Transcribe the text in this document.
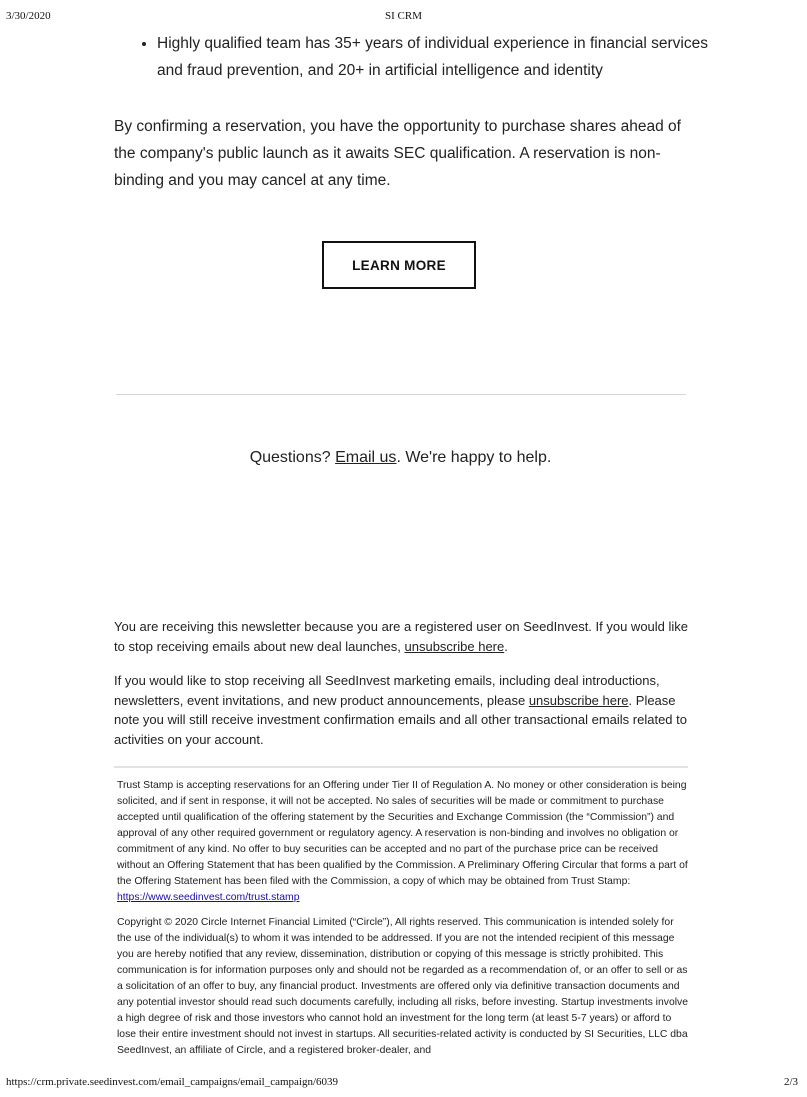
3/30/2020	SI CRM
• Highly qualified team has 35+ years of individual experience in financial services and fraud prevention, and 20+ in artificial intelligence and identity

By confirming a reservation, you have the opportunity to purchase shares ahead of the company's public launch as it awaits SEC qualification. A reservation is non-binding and you may cancel at any time.

LEARN MORE

Questions? Email us. We're happy to help.

You are receiving this newsletter because you are a registered user on SeedInvest. If you would like to stop receiving emails about new deal launches, unsubscribe here.

If you would like to stop receiving all SeedInvest marketing emails, including deal introductions, newsletters, event invitations, and new product announcements, please unsubscribe here. Please note you will still receive investment confirmation emails and all other transactional emails related to activities on your account.

Trust Stamp is accepting reservations for an Offering under Tier II of Regulation A. No money or other consideration is being solicited, and if sent in response, it will not be accepted. No sales of securities will be made or commitment to purchase accepted until qualification of the offering statement by the Securities and Exchange Commission (the “Commission”) and approval of any other required government or regulatory agency. A reservation is non-binding and involves no obligation or commitment of any kind. No offer to buy securities can be accepted and no part of the purchase price can be received without an Offering Statement that has been qualified by the Commission. A Preliminary Offering Circular that forms a part of the Offering Statement has been filed with the Commission, a copy of which may be obtained from Trust Stamp: https://www.seedinvest.com/trust.stamp

Copyright © 2020 Circle Internet Financial Limited (“Circle”), All rights reserved. This communication is intended solely for the use of the individual(s) to whom it was intended to be addressed. If you are not the intended recipient of this message you are hereby notified that any review, dissemination, distribution or copying of this message is strictly prohibited. This communication is for information purposes only and should not be regarded as a recommendation of, or an offer to sell or as a solicitation of an offer to buy, any financial product. Investments are offered only via definitive transaction documents and any potential investor should read such documents carefully, including all risks, before investing. Startup investments involve a high degree of risk and those investors who cannot hold an investment for the long term (at least 5-7 years) or afford to lose their entire investment should not invest in startups. All securities-related activity is conducted by SI Securities, LLC dba SeedInvest, an affiliate of Circle, and a registered broker-dealer, and

https://crm.private.seedinvest.com/email_campaigns/email_campaign/6039	2/3
